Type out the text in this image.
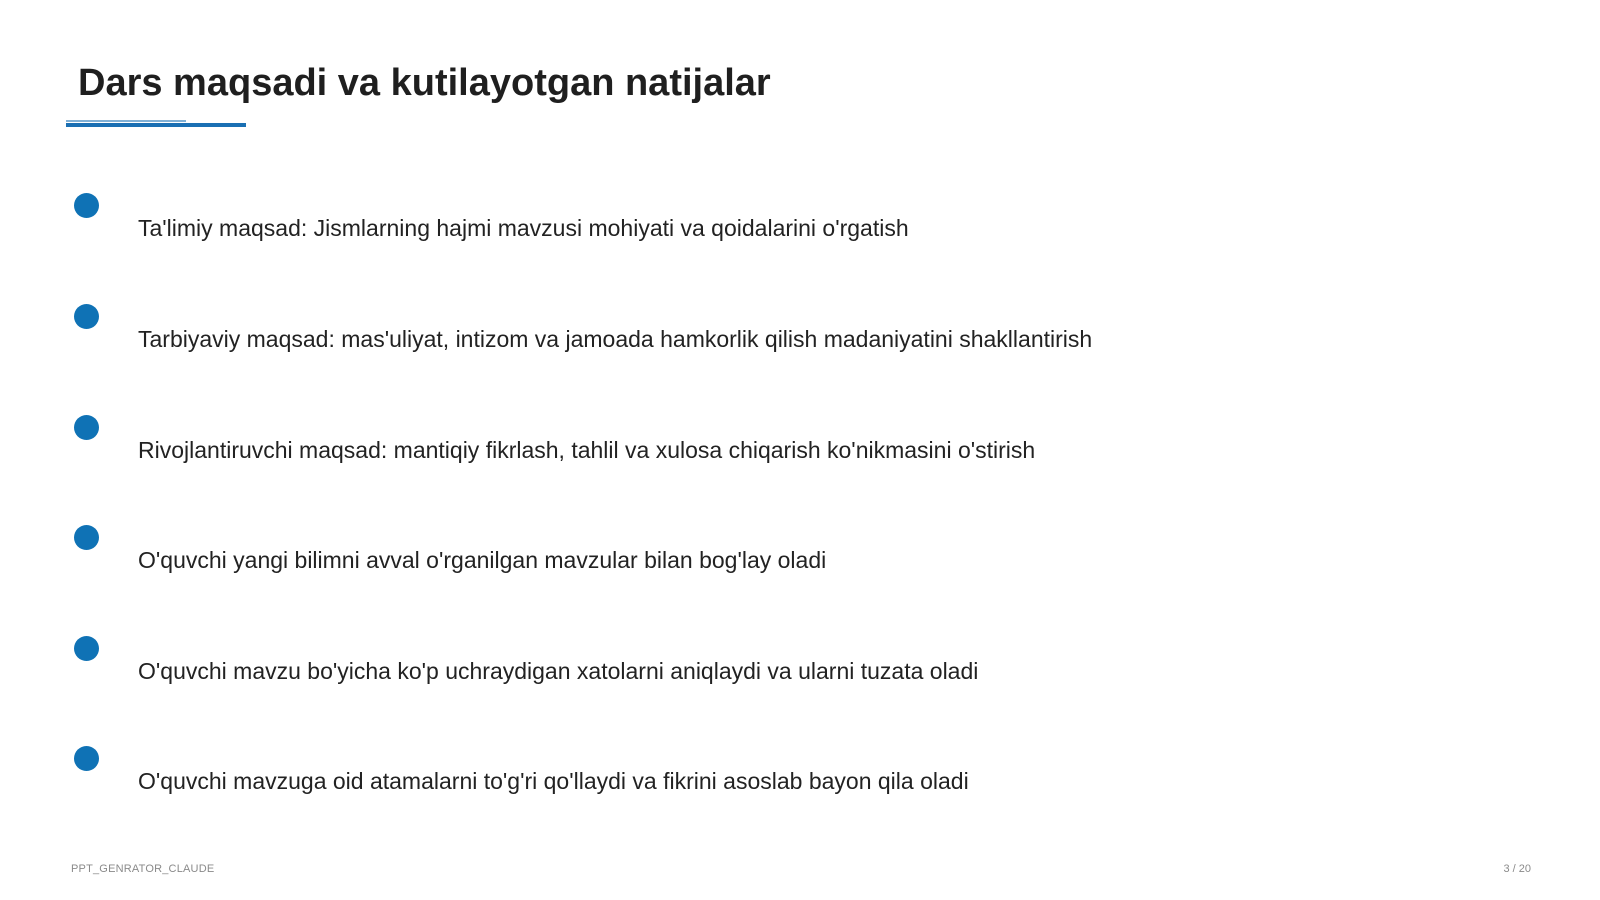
Dars maqsadi va kutilayotgan natijalar
Ta'limiy maqsad: Jismlarning hajmi mavzusi mohiyati va qoidalarini o'rgatish
Tarbiyaviy maqsad: mas'uliyat, intizom va jamoada hamkorlik qilish madaniyatini shakllantirish
Rivojlantiruvchi maqsad: mantiqiy fikrlash, tahlil va xulosa chiqarish ko'nikmasini o'stirish
O'quvchi yangi bilimni avval o'rganilgan mavzular bilan bog'lay oladi
O'quvchi mavzu bo'yicha ko'p uchraydigan xatolarni aniqlaydi va ularni tuzata oladi
O'quvchi mavzuga oid atamalarni to'g'ri qo'llaydi va fikrini asoslab bayon qila oladi
PPT_GENRATOR_CLAUDE	3 / 20
